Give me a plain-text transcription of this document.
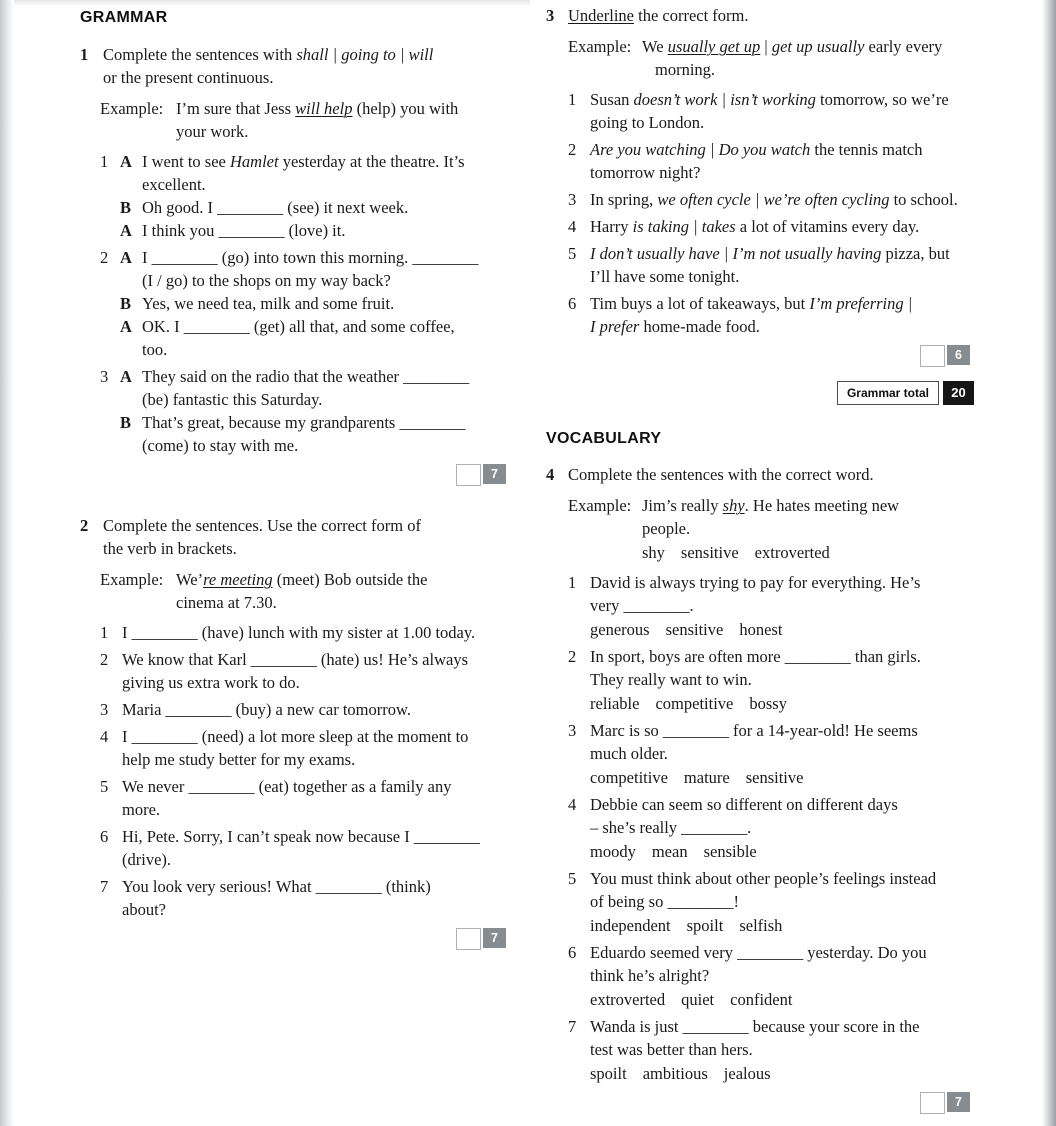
GRAMMAR
1 Complete the sentences with shall | going to | will
or the present continuous.
Example: I’m sure that Jess will help (help) you with
your work.
1 A I went to see Hamlet yesterday at the theatre. It’s
excellent.
B Oh good. I ________ (see) it next week.
A I think you ________ (love) it.
2 A I ________ (go) into town this morning. ________
(I / go) to the shops on my way back?
B Yes, we need tea, milk and some fruit.
A OK. I ________ (get) all that, and some coffee,
too.
3 A They said on the radio that the weather ________
(be) fantastic this Saturday.
B That’s great, because my grandparents ________
(come) to stay with me.
7
2 Complete the sentences. Use the correct form of
the verb in brackets.
Example: We’re meeting (meet) Bob outside the
cinema at 7.30.
1 I ________ (have) lunch with my sister at 1.00 today.
2 We know that Karl ________ (hate) us! He’s always
giving us extra work to do.
3 Maria ________ (buy) a new car tomorrow.
4 I ________ (need) a lot more sleep at the moment to
help me study better for my exams.
5 We never ________ (eat) together as a family any
more.
6 Hi, Pete. Sorry, I can’t speak now because I ________
(drive).
7 You look very serious! What ________ (think)
about?
7
3 Underline the correct form.
Example: We usually get up | get up usually early every
morning.
1 Susan doesn’t work | isn’t working tomorrow, so we’re
going to London.
2 Are you watching | Do you watch the tennis match
tomorrow night?
3 In spring, we often cycle | we’re often cycling to school.
4 Harry is taking | takes a lot of vitamins every day.
5 I don’t usually have | I’m not usually having pizza, but
I’ll have some tonight.
6 Tim buys a lot of takeaways, but I’m preferring |
I prefer home-made food.
6
Grammar total	20
VOCABULARY
4 Complete the sentences with the correct word.
Example: Jim’s really shy. He hates meeting new
people.
shy sensitive extroverted
1 David is always trying to pay for everything. He’s
very ________.
generous sensitive honest
2 In sport, boys are often more ________ than girls.
They really want to win.
reliable competitive bossy
3 Marc is so ________ for a 14-year-old! He seems
much older.
competitive mature sensitive
4 Debbie can seem so different on different days
– she’s really ________.
moody mean sensible
5 You must think about other people’s feelings instead
of being so ________!
independent spoilt selfish
6 Eduardo seemed very ________ yesterday. Do you
think he’s alright?
extroverted quiet confident
7 Wanda is just ________ because your score in the
test was better than hers.
spoilt ambitious jealous
7
